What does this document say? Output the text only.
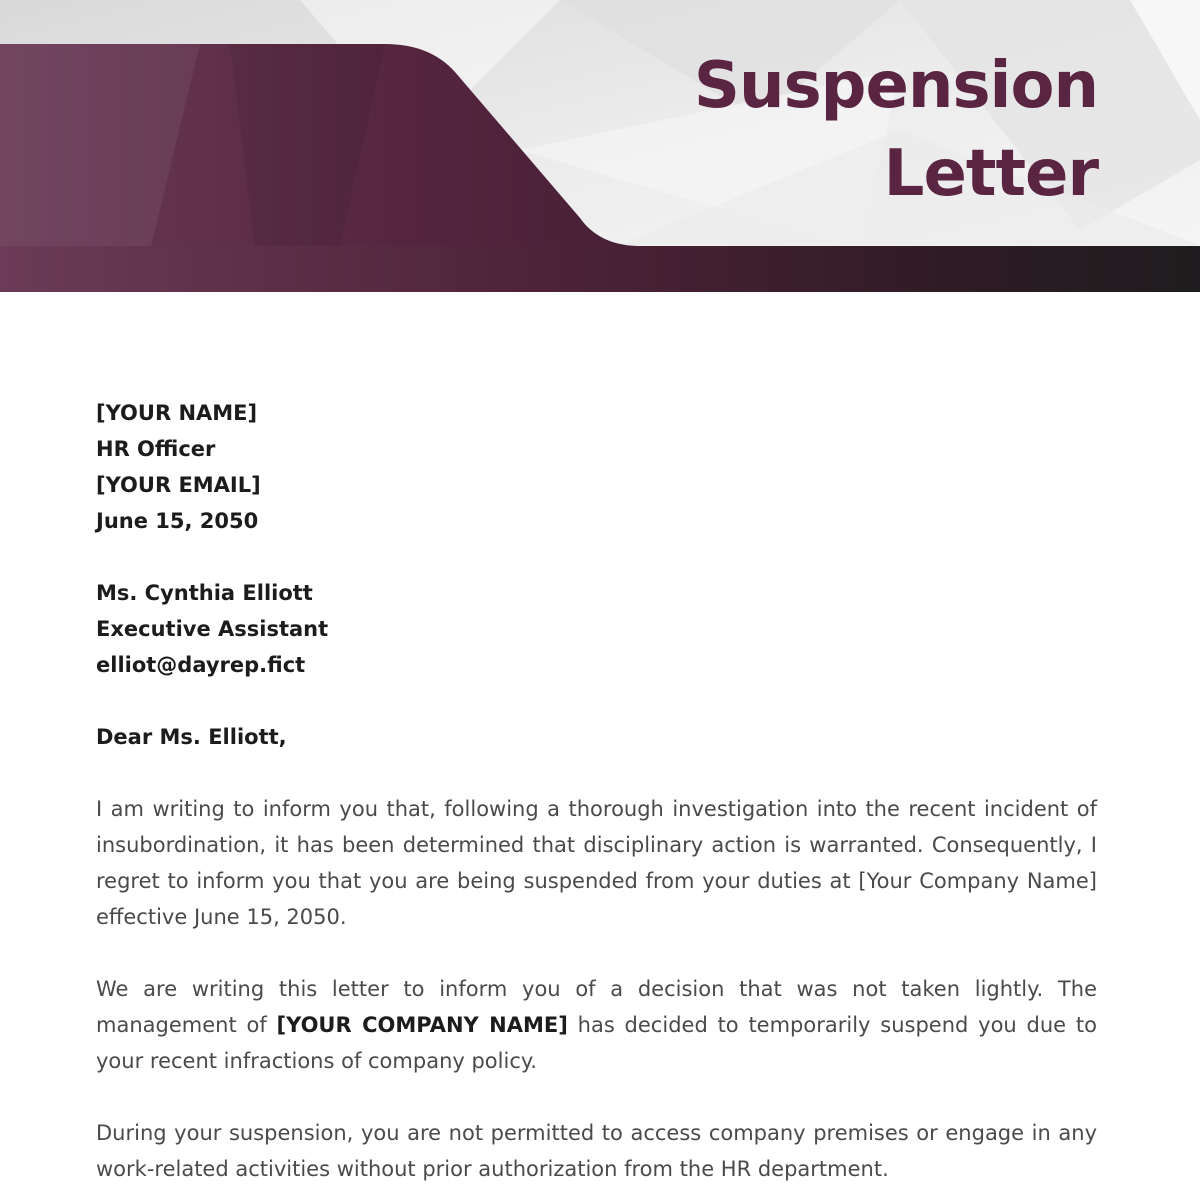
Suspension
Letter
[YOUR NAME]
HR Officer
[YOUR EMAIL]
June 15, 2050
Ms. Cynthia Elliott
Executive Assistant
elliot@dayrep.fict
Dear Ms. Elliott,

I am writing to inform you that, following a thorough investigation into the recent incident of insubordination, it has been determined that disciplinary action is warranted. Consequently, I regret to inform you that you are being suspended from your duties at [Your Company Name] effective June 15, 2050.

We are writing this letter to inform you of a decision that was not taken lightly. The management of [YOUR COMPANY NAME] has decided to temporarily suspend you due to your recent infractions of company policy.

During your suspension, you are not permitted to access company premises or engage in any work-related activities without prior authorization from the HR department.
